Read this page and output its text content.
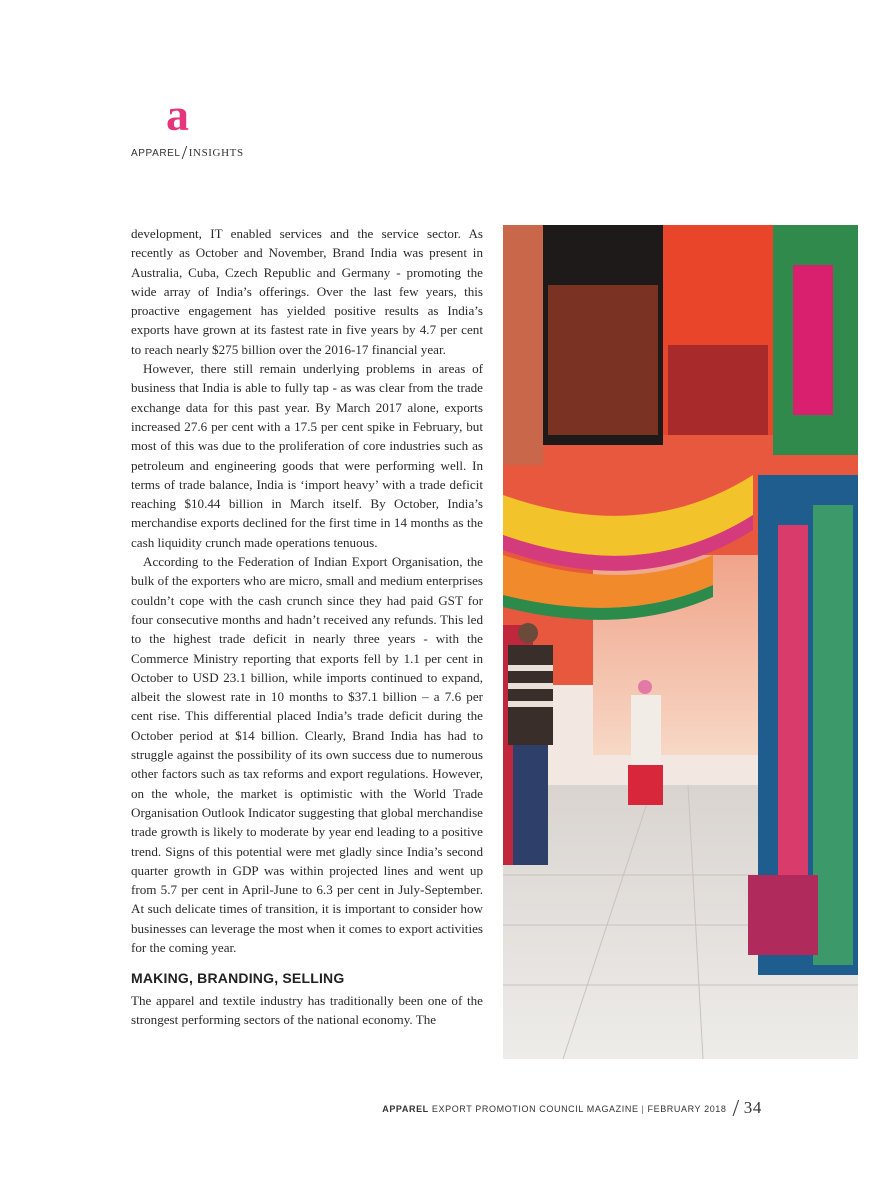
a
APPAREL/INSIGHTS

development, IT enabled services and the service sector. As recently as October and November, Brand India was present in Australia, Cuba, Czech Republic and Germany - promoting the wide array of India’s offerings. Over the last few years, this proactive engagement has yielded positive results as India’s exports have grown at its fastest rate in five years by 4.7 per cent to reach nearly $275 billion over the 2016-17 financial year.

However, there still remain underlying problems in areas of business that India is able to fully tap - as was clear from the trade exchange data for this past year. By March 2017 alone, exports increased 27.6 per cent with a 17.5 per cent spike in February, but most of this was due to the proliferation of core industries such as petroleum and engineering goods that were performing well. In terms of trade balance, India is ‘import heavy’ with a trade deficit reaching $10.44 billion in March itself. By October, India’s merchandise exports declined for the first time in 14 months as the cash liquidity crunch made operations tenuous.

According to the Federation of Indian Export Organisation, the bulk of the exporters who are micro, small and medium enterprises couldn’t cope with the cash crunch since they had paid GST for four consecutive months and hadn’t received any refunds. This led to the highest trade deficit in nearly three years - with the Commerce Ministry reporting that exports fell by 1.1 per cent in October to USD 23.1 billion, while imports continued to expand, albeit the slowest rate in 10 months to $37.1 billion – a 7.6 per cent rise. This differential placed India’s trade deficit during the October period at $14 billion. Clearly, Brand India has had to struggle against the possibility of its own success due to numerous other factors such as tax reforms and export regulations. However, on the whole, the market is optimistic with the World Trade Organisation Outlook Indicator suggesting that global merchandise trade growth is likely to moderate by year end leading to a positive trend. Signs of this potential were met gladly since India’s second quarter growth in GDP was within projected lines and went up from 5.7 per cent in April-June to 6.3 per cent in July-September. At such delicate times of transition, it is important to consider how businesses can leverage the most when it comes to export activities for the coming year.

MAKING, BRANDING, SELLING

The apparel and textile industry has traditionally been one of the strongest performing sectors of the national economy. The

APPAREL EXPORT PROMOTION COUNCIL MAGAZINE | FEBRUARY 2018 / 34
